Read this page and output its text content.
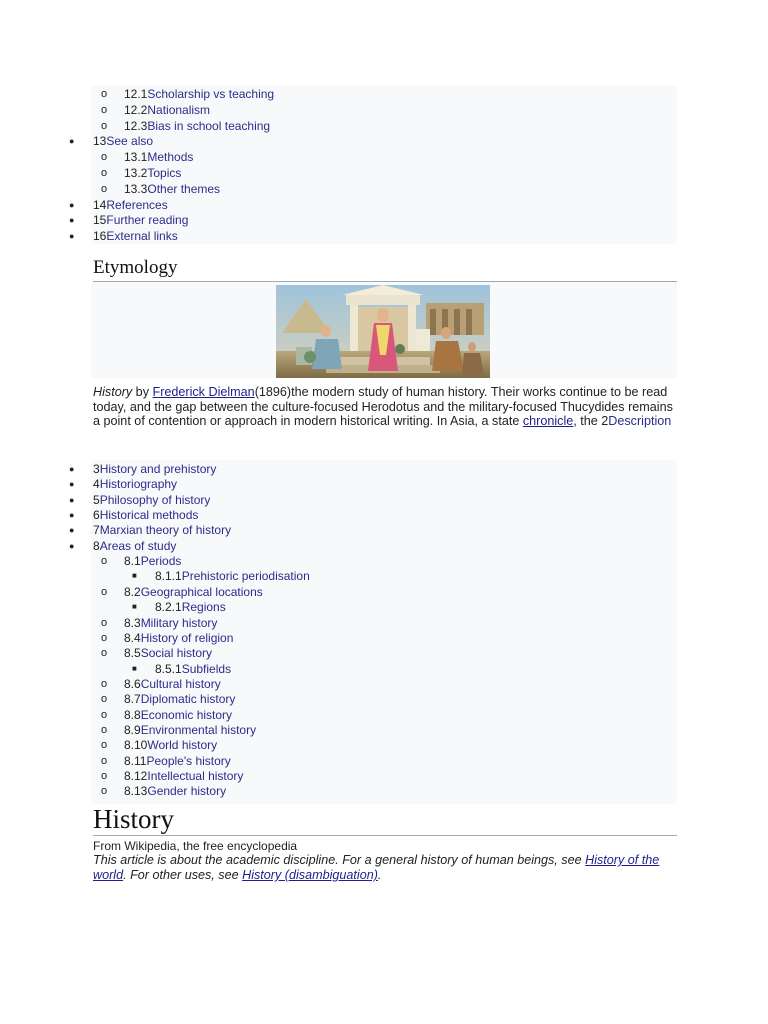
o 12.1Scholarship vs teaching
o 12.2Nationalism
o 12.3Bias in school teaching
● 13See also
o 13.1Methods
o 13.2Topics
o 13.3Other themes
● 14References
● 15Further reading
● 16External links
Etymology
History by Frederick Dielman(1896)the modern study of human history. Their works continue to be read today, and the gap between the culture-focused Herodotus and the military-focused Thucydides remains a point of contention or approach in modern historical writing. In Asia, a state chronicle, the 2Description
● 3History and prehistory
● 4Historiography
● 5Philosophy of history
● 6Historical methods
● 7Marxian theory of history
● 8Areas of study
o 8.1Periods
■ 8.1.1Prehistoric periodisation
o 8.2Geographical locations
■ 8.2.1Regions
o 8.3Military history
o 8.4History of religion
o 8.5Social history
■ 8.5.1Subfields
o 8.6Cultural history
o 8.7Diplomatic history
o 8.8Economic history
o 8.9Environmental history
o 8.10World history
o 8.11People's history
o 8.12Intellectual history
o 8.13Gender history
History
From Wikipedia, the free encyclopedia
This article is about the academic discipline. For a general history of human beings, see History of the world. For other uses, see History (disambiguation).
